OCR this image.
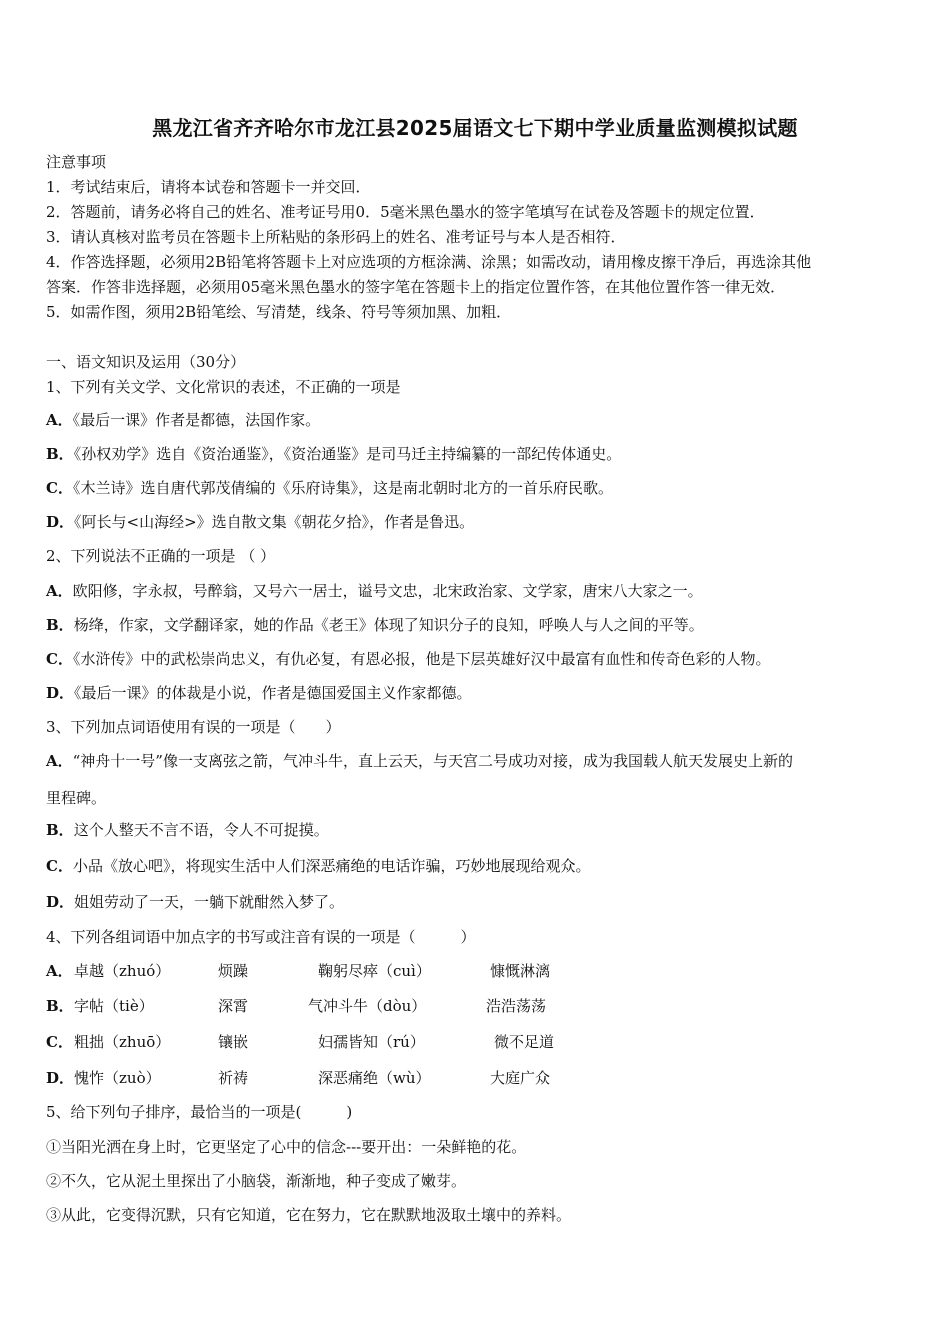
黑龙江省齐齐哈尔市龙江县2025届语文七下期中学业质量监测模拟试题
注意事项
1．考试结束后，请将本试卷和答题卡一并交回．
2．答题前，请务必将自己的姓名、准考证号用0．5毫米黑色墨水的签字笔填写在试卷及答题卡的规定位置．
3．请认真核对监考员在答题卡上所粘贴的条形码上的姓名、准考证号与本人是否相符．
4．作答选择题，必须用2B铅笔将答题卡上对应选项的方框涂满、涂黑；如需改动，请用橡皮擦干净后，再选涂其他
答案．作答非选择题，必须用05毫米黑色墨水的签字笔在答题卡上的指定位置作答，在其他位置作答一律无效．
5．如需作图，须用2B铅笔绘、写清楚，线条、符号等须加黑、加粗．
一、语文知识及运用（30分）
1、下列有关文学、文化常识的表述，不正确的一项是
A．《最后一课》作者是都德，法国作家。
B．《孙权劝学》选自《资治通鉴》，《资治通鉴》是司马迁主持编纂的一部纪传体通史。
C．《木兰诗》选自唐代郭茂倩编的《乐府诗集》，这是南北朝时北方的一首乐府民歌。
D．《阿长与<山海经>》选自散文集《朝花夕拾》，作者是鲁迅。
2、下列说法不正确的一项是 （ ）
A．欧阳修，字永叔，号醉翁，又号六一居士，谥号文忠，北宋政治家、文学家，唐宋八大家之一。
B．杨绛，作家，文学翻译家，她的作品《老王》体现了知识分子的良知，呼唤人与人之间的平等。
C．《水浒传》中的武松崇尚忠义，有仇必复，有恩必报，他是下层英雄好汉中最富有血性和传奇色彩的人物。
D．《最后一课》的体裁是小说，作者是德国爱国主义作家都德。
3、下列加点词语使用有误的一项是（　　）
A．“神舟十一号”像一支离弦之箭，气冲斗牛，直上云天，与天宫二号成功对接，成为我国载人航天发展史上新的
里程碑。
B．这个人整天不言不语，令人不可捉摸。
C．小品《放心吧》，将现实生活中人们深恶痛绝的电话诈骗，巧妙地展现给观众。
D．姐姐劳动了一天，一躺下就酣然入梦了。
4、下列各组词语中加点字的书写或注音有误的一项是（　　　）
A． 卓越（zhuó）	烦躁	鞠躬尽瘁（cuì）	慷慨淋漓
B． 字帖（tiè）	深霄	气冲斗牛（dòu）	浩浩荡荡
C． 粗拙（zhuō）	镶嵌	妇孺皆知（rú）	微不足道
D． 愧怍（zuò）	祈祷	深恶痛绝（wù）	大庭广众
5、给下列句子排序，最恰当的一项是(　　　)
①当阳光洒在身上时，它更坚定了心中的信念---要开出：一朵鲜艳的花。
②不久，它从泥土里探出了小脑袋，渐渐地，种子变成了嫩芽。
③从此，它变得沉默，只有它知道，它在努力，它在默默地汲取土壤中的养料。
